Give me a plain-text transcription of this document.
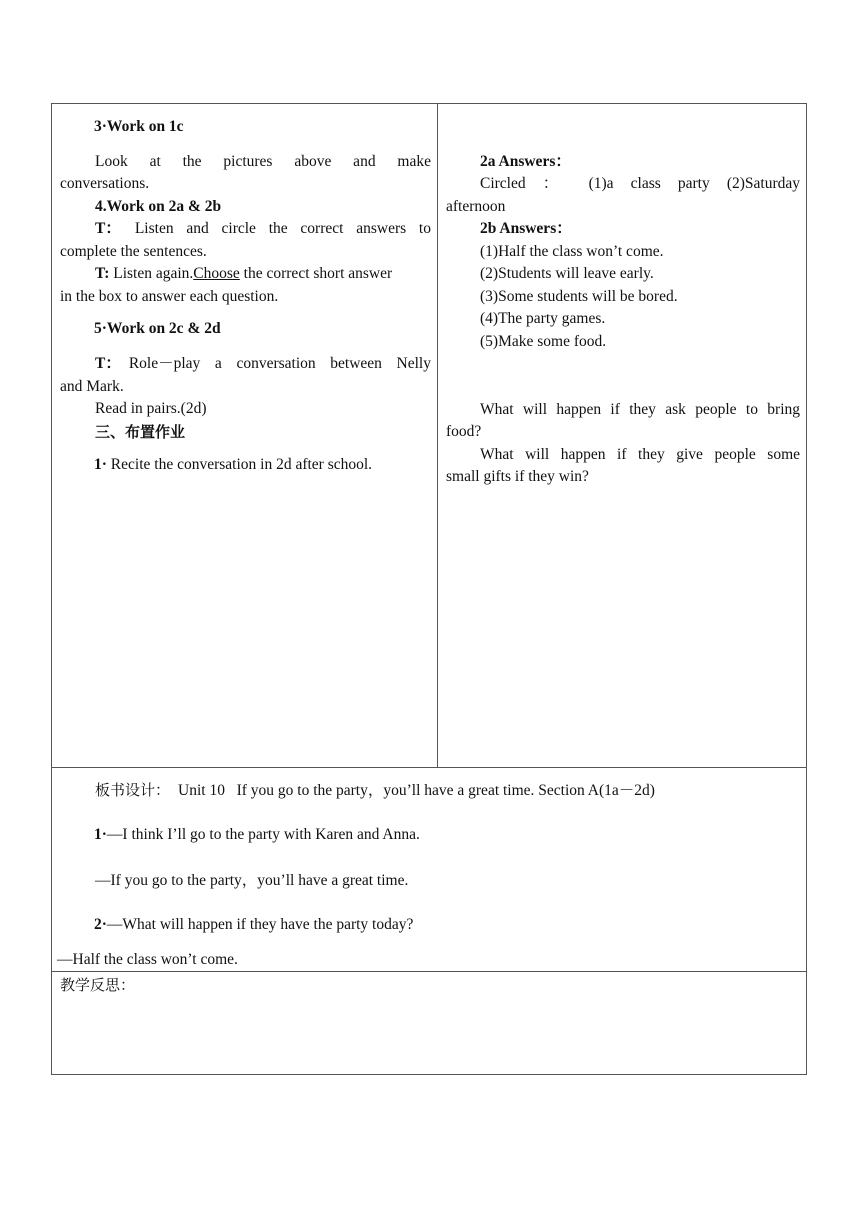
3·Work on 1c
Look at the pictures above and make
conversations.
4.Work on 2a & 2b
T： Listen and circle the correct answers to
complete the sentences.
T: Listen again.Choose the correct short answer
in the box to answer each question.
5·Work on 2c & 2d
T： Role－play a conversation between Nelly
and Mark.
Read in pairs.(2d)
三、布置作业
1· Recite the conversation in 2d after school.
2a Answers：
Circled ： (1)a class party (2)Saturday
afternoon
2b Answers：
(1)Half the class won’t come.
(2)Students will leave early.
(3)Some students will be bored.
(4)The party games.
(5)Make some food.
What will happen if they ask people to bring
food?
What will happen if they give people some
small gifts if they win?
板书设计： Unit 10   If you go to the party，you’ll have a great time. Section A(1a－2d)
1·—I think I’ll go to the party with Karen and Anna.
—If you go to the party，you’ll have a great time.
2·—What will happen if they have the party today?
—Half the class won’t come.
教学反思：
